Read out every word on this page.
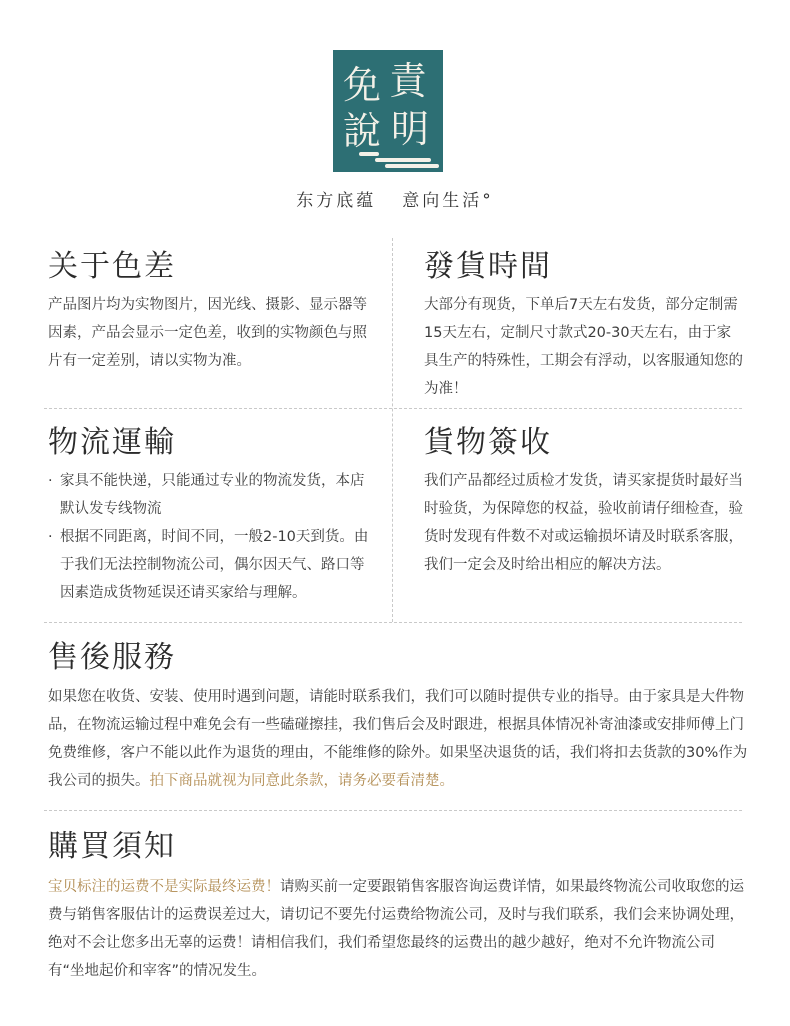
免 責
說 明
东方底蕴 意向生活°
关于色差
产品图片均为实物图片，因光线、摄影、显示器等因素，产品会显示一定色差，收到的实物颜色与照片有一定差别，请以实物为准。
發貨時間
大部分有现货，下单后7天左右发货，部分定制需15天左右，定制尺寸款式20-30天左右，由于家具生产的特殊性，工期会有浮动，以客服通知您的为准！
物流運輸
· 家具不能快递，只能通过专业的物流发货，本店默认发专线物流
· 根据不同距离，时间不同，一般2-10天到货。由于我们无法控制物流公司，偶尔因天气、路口等因素造成货物延误还请买家给与理解。
貨物簽收
我们产品都经过质检才发货，请买家提货时最好当时验货，为保障您的权益，验收前请仔细检查，验货时发现有件数不对或运输损坏请及时联系客服，我们一定会及时给出相应的解决方法。
售後服務
如果您在收货、安装、使用时遇到问题，请能时联系我们，我们可以随时提供专业的指导。由于家具是大件物品，在物流运输过程中难免会有一些磕碰擦挂，我们售后会及时跟进，根据具体情况补寄油漆或安排师傅上门免费维修，客户不能以此作为退货的理由，不能维修的除外。如果坚决退货的话，我们将扣去货款的30%作为我公司的损失。拍下商品就视为同意此条款，请务必要看清楚。
購買須知
宝贝标注的运费不是实际最终运费！请购买前一定要跟销售客服咨询运费详情，如果最终物流公司收取您的运费与销售客服估计的运费误差过大，请切记不要先付运费给物流公司，及时与我们联系，我们会来协调处理，绝对不会让您多出无辜的运费！请相信我们，我们希望您最终的运费出的越少越好，绝对不允许物流公司有“坐地起价和宰客”的情况发生。
